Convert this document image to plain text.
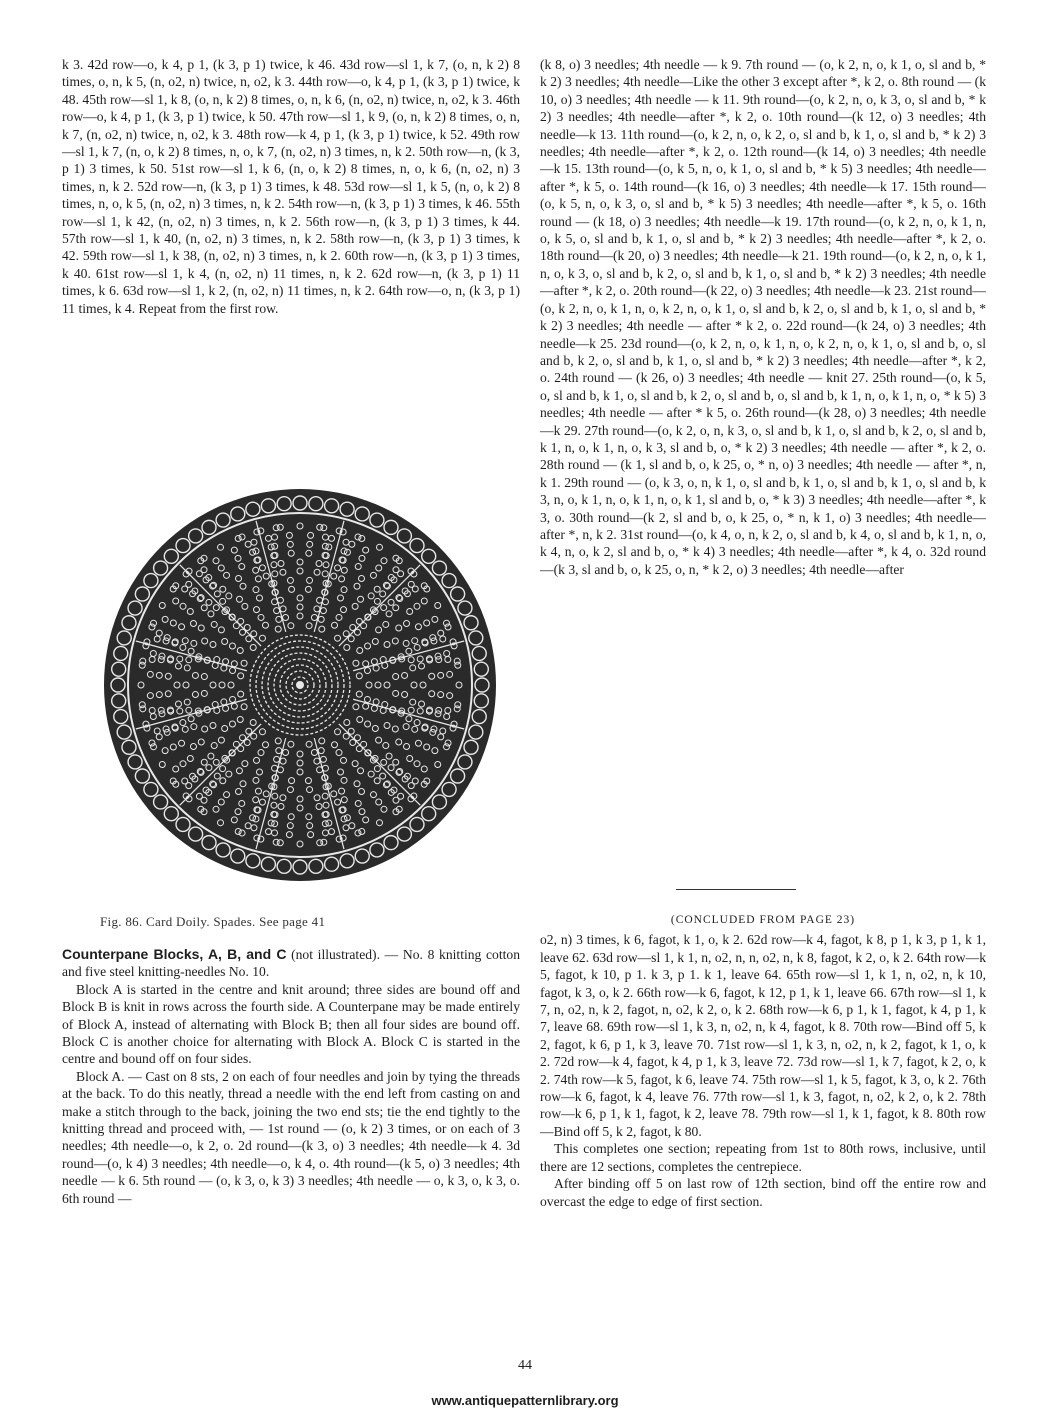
k 3. 42d row—o, k 4, p 1, (k 3, p 1) twice, k 46. 43d row—sl 1, k 7, (o, n, k 2) 8 times, o, n, k 5, (n, o2, n) twice, n, o2, k 3. 44th row—o, k 4, p 1, (k 3, p 1) twice, k 48. 45th row—sl 1, k 8, (o, n, k 2) 8 times, o, n, k 6, (n, o2, n) twice, n, o2, k 3. 46th row—o, k 4, p 1, (k 3, p 1) twice, k 50. 47th row—sl 1, k 9, (o, n, k 2) 8 times, o, n, k 7, (n, o2, n) twice, n, o2, k 3. 48th row—k 4, p 1, (k 3, p 1) twice, k 52. 49th row—sl 1, k 7, (n, o, k 2) 8 times, n, o, k 7, (n, o2, n) 3 times, n, k 2. 50th row—n, (k 3, p 1) 3 times, k 50. 51st row—sl 1, k 6, (n, o, k 2) 8 times, n, o, k 6, (n, o2, n) 3 times, n, k 2. 52d row—n, (k 3, p 1) 3 times, k 48. 53d row—sl 1, k 5, (n, o, k 2) 8 times, n, o, k 5, (n, o2, n) 3 times, n, k 2. 54th row—n, (k 3, p 1) 3 times, k 46. 55th row—sl 1, k 42, (n, o2, n) 3 times, n, k 2. 56th row—n, (k 3, p 1) 3 times, k 44. 57th row—sl 1, k 40, (n, o2, n) 3 times, n, k 2. 58th row—n, (k 3, p 1) 3 times, k 42. 59th row—sl 1, k 38, (n, o2, n) 3 times, n, k 2. 60th row—n, (k 3, p 1) 3 times, k 40. 61st row—sl 1, k 4, (n, o2, n) 11 times, n, k 2. 62d row—n, (k 3, p 1) 11 times, k 6. 63d row—sl 1, k 2, (n, o2, n) 11 times, n, k 2. 64th row—o, n, (k 3, p 1) 11 times, k 4. Repeat from the first row.

Fig. 86. Card Doily. Spades. See page 41

(k 8, o) 3 needles; 4th needle — k 9. 7th round — (o, k 2, n, o, k 1, o, sl and b, * k 2) 3 needles; 4th needle—Like the other 3 except after *, k 2, o. 8th round — (k 10, o) 3 needles; 4th needle — k 11. 9th round—(o, k 2, n, o, k 3, o, sl and b, * k 2) 3 needles; 4th needle—after *, k 2, o. 10th round—(k 12, o) 3 needles; 4th needle—k 13. 11th round—(o, k 2, n, o, k 2, o, sl and b, k 1, o, sl and b, * k 2) 3 needles; 4th needle—after *, k 2, o. 12th round—(k 14, o) 3 needles; 4th needle—k 15. 13th round—(o, k 5, n, o, k 1, o, sl and b, * k 5) 3 needles; 4th needle—after *, k 5, o. 14th round—(k 16, o) 3 needles; 4th needle—k 17. 15th round—(o, k 5, n, o, k 3, o, sl and b, * k 5) 3 needles; 4th needle—after *, k 5, o. 16th round — (k 18, o) 3 needles; 4th needle—k 19. 17th round—(o, k 2, n, o, k 1, n, o, k 5, o, sl and b, k 1, o, sl and b, * k 2) 3 needles; 4th needle—after *, k 2, o. 18th round—(k 20, o) 3 needles; 4th needle—k 21. 19th round—(o, k 2, n, o, k 1, n, o, k 3, o, sl and b, k 2, o, sl and b, k 1, o, sl and b, * k 2) 3 needles; 4th needle—after *, k 2, o. 20th round—(k 22, o) 3 needles; 4th needle—k 23. 21st round—(o, k 2, n, o, k 1, n, o, k 2, n, o, k 1, o, sl and b, k 2, o, sl and b, k 1, o, sl and b, * k 2) 3 needles; 4th needle — after * k 2, o. 22d round—(k 24, o) 3 needles; 4th needle—k 25. 23d round—(o, k 2, n, o, k 1, n, o, k 2, n, o, k 1, o, sl and b, o, sl and b, k 2, o, sl and b, k 1, o, sl and b, * k 2) 3 needles; 4th needle—after *, k 2, o. 24th round — (k 26, o) 3 needles; 4th needle — knit 27. 25th round—(o, k 5, o, sl and b, k 1, o, sl and b, k 2, o, sl and b, o, sl and b, k 1, n, o, k 1, n, o, * k 5) 3 needles; 4th needle — after * k 5, o. 26th round—(k 28, o) 3 needles; 4th needle—k 29. 27th round—(o, k 2, o, n, k 3, o, sl and b, k 1, o, sl and b, k 2, o, sl and b, k 1, n, o, k 1, n, o, k 3, sl and b, o, * k 2) 3 needles; 4th needle — after *, k 2, o. 28th round — (k 1, sl and b, o, k 25, o, * n, o) 3 needles; 4th needle — after *, n, k 1. 29th round — (o, k 3, o, n, k 1, o, sl and b, k 1, o, sl and b, k 1, o, sl and b, k 3, n, o, k 1, n, o, k 1, n, o, k 1, sl and b, o, * k 3) 3 needles; 4th needle—after *, k 3, o. 30th round—(k 2, sl and b, o, k 25, o, * n, k 1, o) 3 needles; 4th needle—after *, n, k 2. 31st round—(o, k 4, o, n, k 2, o, sl and b, k 4, o, sl and b, k 1, n, o, k 4, n, o, k 2, sl and b, o, * k 4) 3 needles; 4th needle—after *, k 4, o. 32d round—(k 3, sl and b, o, k 25, o, n, * k 2, o) 3 needles; 4th needle—after

Counterpane Blocks, A, B, and C (not illustrated). — No. 8 knitting cotton and five steel knitting-needles No. 10.

Block A is started in the centre and knit around; three sides are bound off and Block B is knit in rows across the fourth side. A Counterpane may be made entirely of Block A, instead of alternating with Block B; then all four sides are bound off. Block C is another choice for alternating with Block A. Block C is started in the centre and bound off on four sides.

Block A. — Cast on 8 sts, 2 on each of four needles and join by tying the threads at the back. To do this neatly, thread a needle with the end left from casting on and make a stitch through to the back, joining the two end sts; tie the end tightly to the knitting thread and proceed with, — 1st round — (o, k 2) 3 times, or on each of 3 needles; 4th needle—o, k 2, o. 2d round—(k 3, o) 3 needles; 4th needle—k 4. 3d round—(o, k 4) 3 needles; 4th needle—o, k 4, o. 4th round—(k 5, o) 3 needles; 4th needle — k 6. 5th round — (o, k 3, o, k 3) 3 needles; 4th needle — o, k 3, o, k 3, o. 6th round —

(CONCLUDED FROM PAGE 23)

o2, n) 3 times, k 6, fagot, k 1, o, k 2. 62d row—k 4, fagot, k 8, p 1, k 3, p 1, k 1, leave 62. 63d row—sl 1, k 1, n, o2, n, n, o2, n, k 8, fagot, k 2, o, k 2. 64th row—k 5, fagot, k 10, p 1. k 3, p 1. k 1, leave 64. 65th row—sl 1, k 1, n, o2, n, k 10, fagot, k 3, o, k 2. 66th row—k 6, fagot, k 12, p 1, k 1, leave 66. 67th row—sl 1, k 7, n, o2, n, k 2, fagot, n, o2, k 2, o, k 2. 68th row—k 6, p 1, k 1, fagot, k 4, p 1, k 7, leave 68. 69th row—sl 1, k 3, n, o2, n, k 4, fagot, k 8. 70th row—Bind off 5, k 2, fagot, k 6, p 1, k 3, leave 70. 71st row—sl 1, k 3, n, o2, n, k 2, fagot, k 1, o, k 2. 72d row—k 4, fagot, k 4, p 1, k 3, leave 72. 73d row—sl 1, k 7, fagot, k 2, o, k 2. 74th row—k 5, fagot, k 6, leave 74. 75th row—sl 1, k 5, fagot, k 3, o, k 2. 76th row—k 6, fagot, k 4, leave 76. 77th row—sl 1, k 3, fagot, n, o2, k 2, o, k 2. 78th row—k 6, p 1, k 1, fagot, k 2, leave 78. 79th row—sl 1, k 1, fagot, k 8. 80th row—Bind off 5, k 2, fagot, k 80.

This completes one section; repeating from 1st to 80th rows, inclusive, until there are 12 sections, completes the centrepiece.

After binding off 5 on last row of 12th section, bind off the entire row and overcast the edge to edge of first section.

44
www.antiquepatternlibrary.org
